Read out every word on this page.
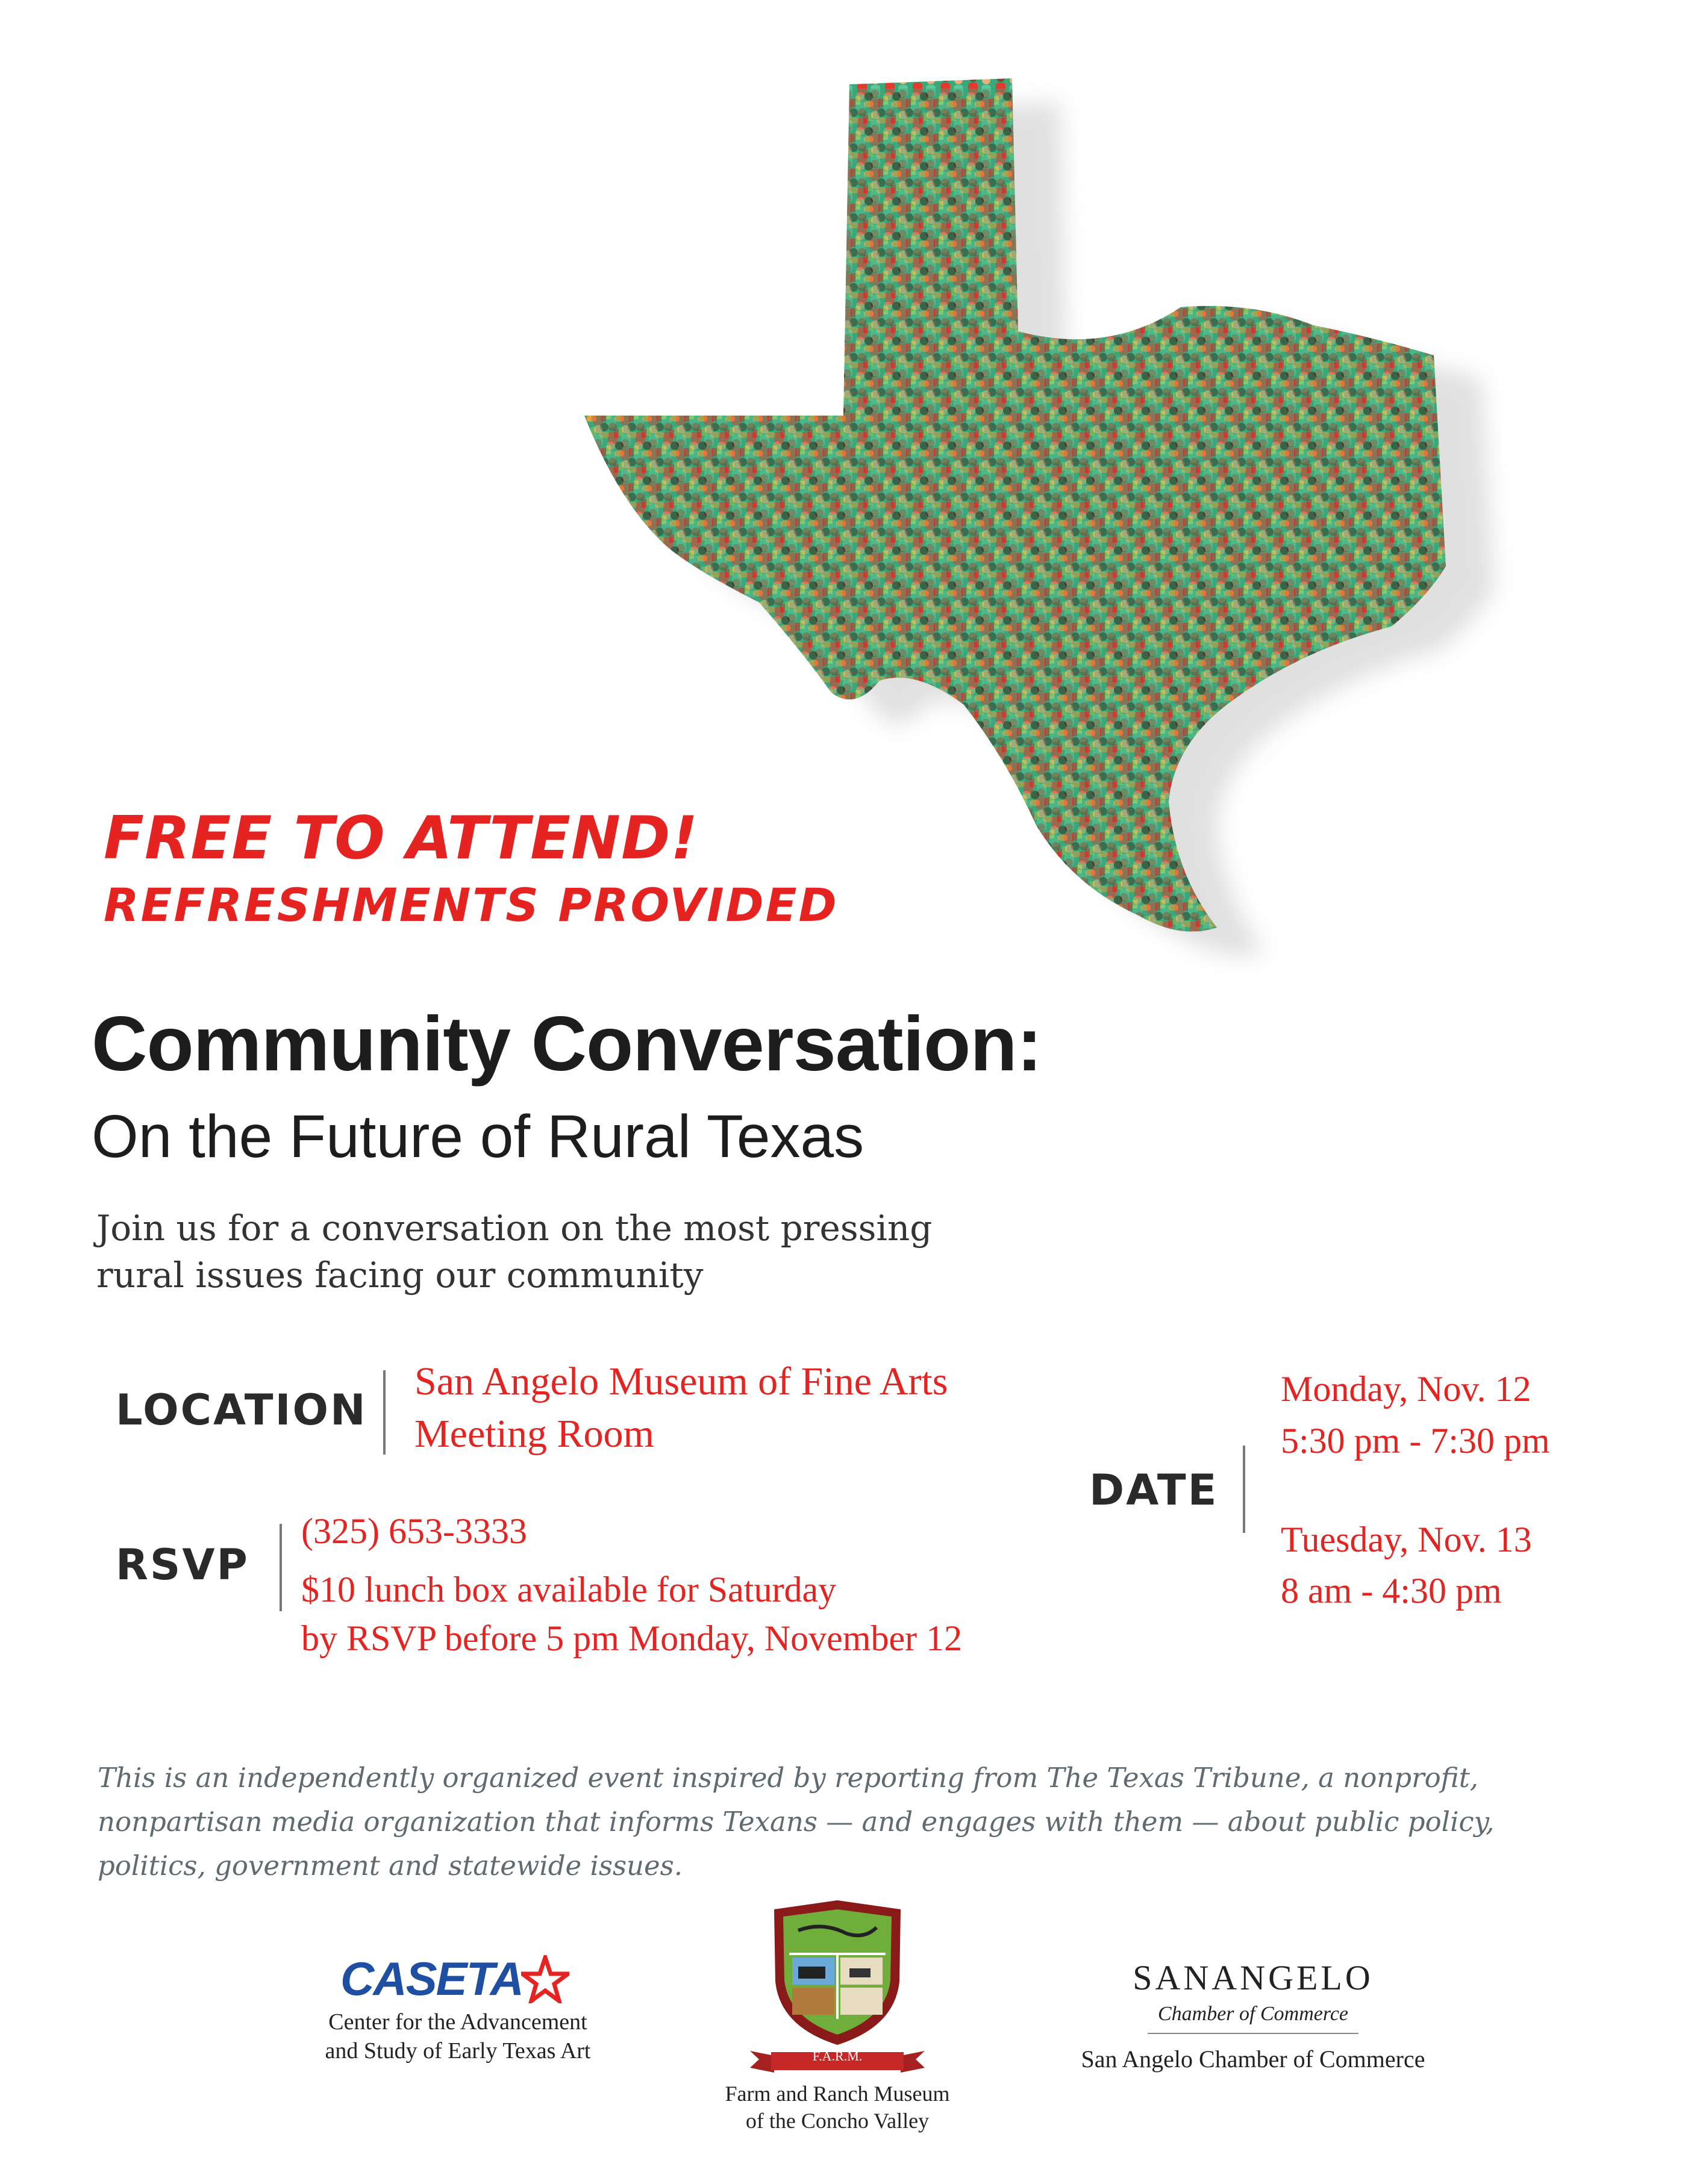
FREE TO ATTEND!
REFRESHMENTS PROVIDED
Community Conversation:
On the Future of Rural Texas
Join us for a conversation on the most pressing
rural issues facing our community
LOCATION
San Angelo Museum of Fine Arts
Meeting Room
RSVP
(325) 653-3333
$10 lunch box available for Saturday
by RSVP before 5 pm Monday, November 12
DATE
Monday, Nov. 12
5:30 pm - 7:30 pm
Tuesday, Nov. 13
8 am - 4:30 pm
This is an independently organized event inspired by reporting from The Texas Tribune, a nonprofit,
nonpartisan media organization that informs Texans — and engages with them — about public policy,
politics, government and statewide issues.
CASETA
Center for the Advancement
and Study of Early Texas Art	F.A.R.M.
Farm and Ranch Museum
of the Concho Valley
SANANGELO
Chamber of Commerce
San Angelo Chamber of Commerce
